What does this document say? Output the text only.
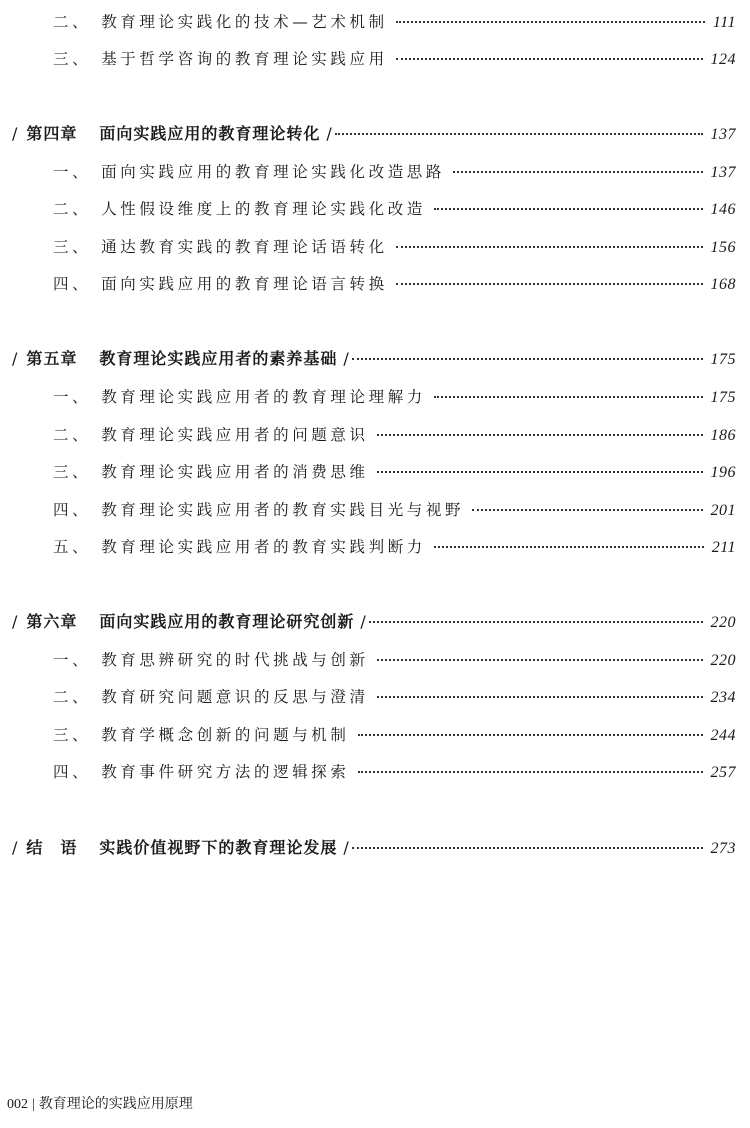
二、 教育理论实践化的技术—艺术机制	111
三、 基于哲学咨询的教育理论实践应用	124
/ 第四章 面向实践应用的教育理论转化 /	137
一、 面向实践应用的教育理论实践化改造思路	137
二、 人性假设维度上的教育理论实践化改造	146
三、 通达教育实践的教育理论话语转化	156
四、 面向实践应用的教育理论语言转换	168
/ 第五章 教育理论实践应用者的素养基础 /	175
一、 教育理论实践应用者的教育理论理解力	175
二、 教育理论实践应用者的问题意识	186
三、 教育理论实践应用者的消费思维	196
四、 教育理论实践应用者的教育实践目光与视野	201
五、 教育理论实践应用者的教育实践判断力	211
/ 第六章 面向实践应用的教育理论研究创新 /	220
一、 教育思辨研究的时代挑战与创新	220
二、 教育研究问题意识的反思与澄清	234
三、 教育学概念创新的问题与机制	244
四、 教育事件研究方法的逻辑探索	257
/ 结　语 实践价值视野下的教育理论发展 /	273
002 | 教育理论的实践应用原理
